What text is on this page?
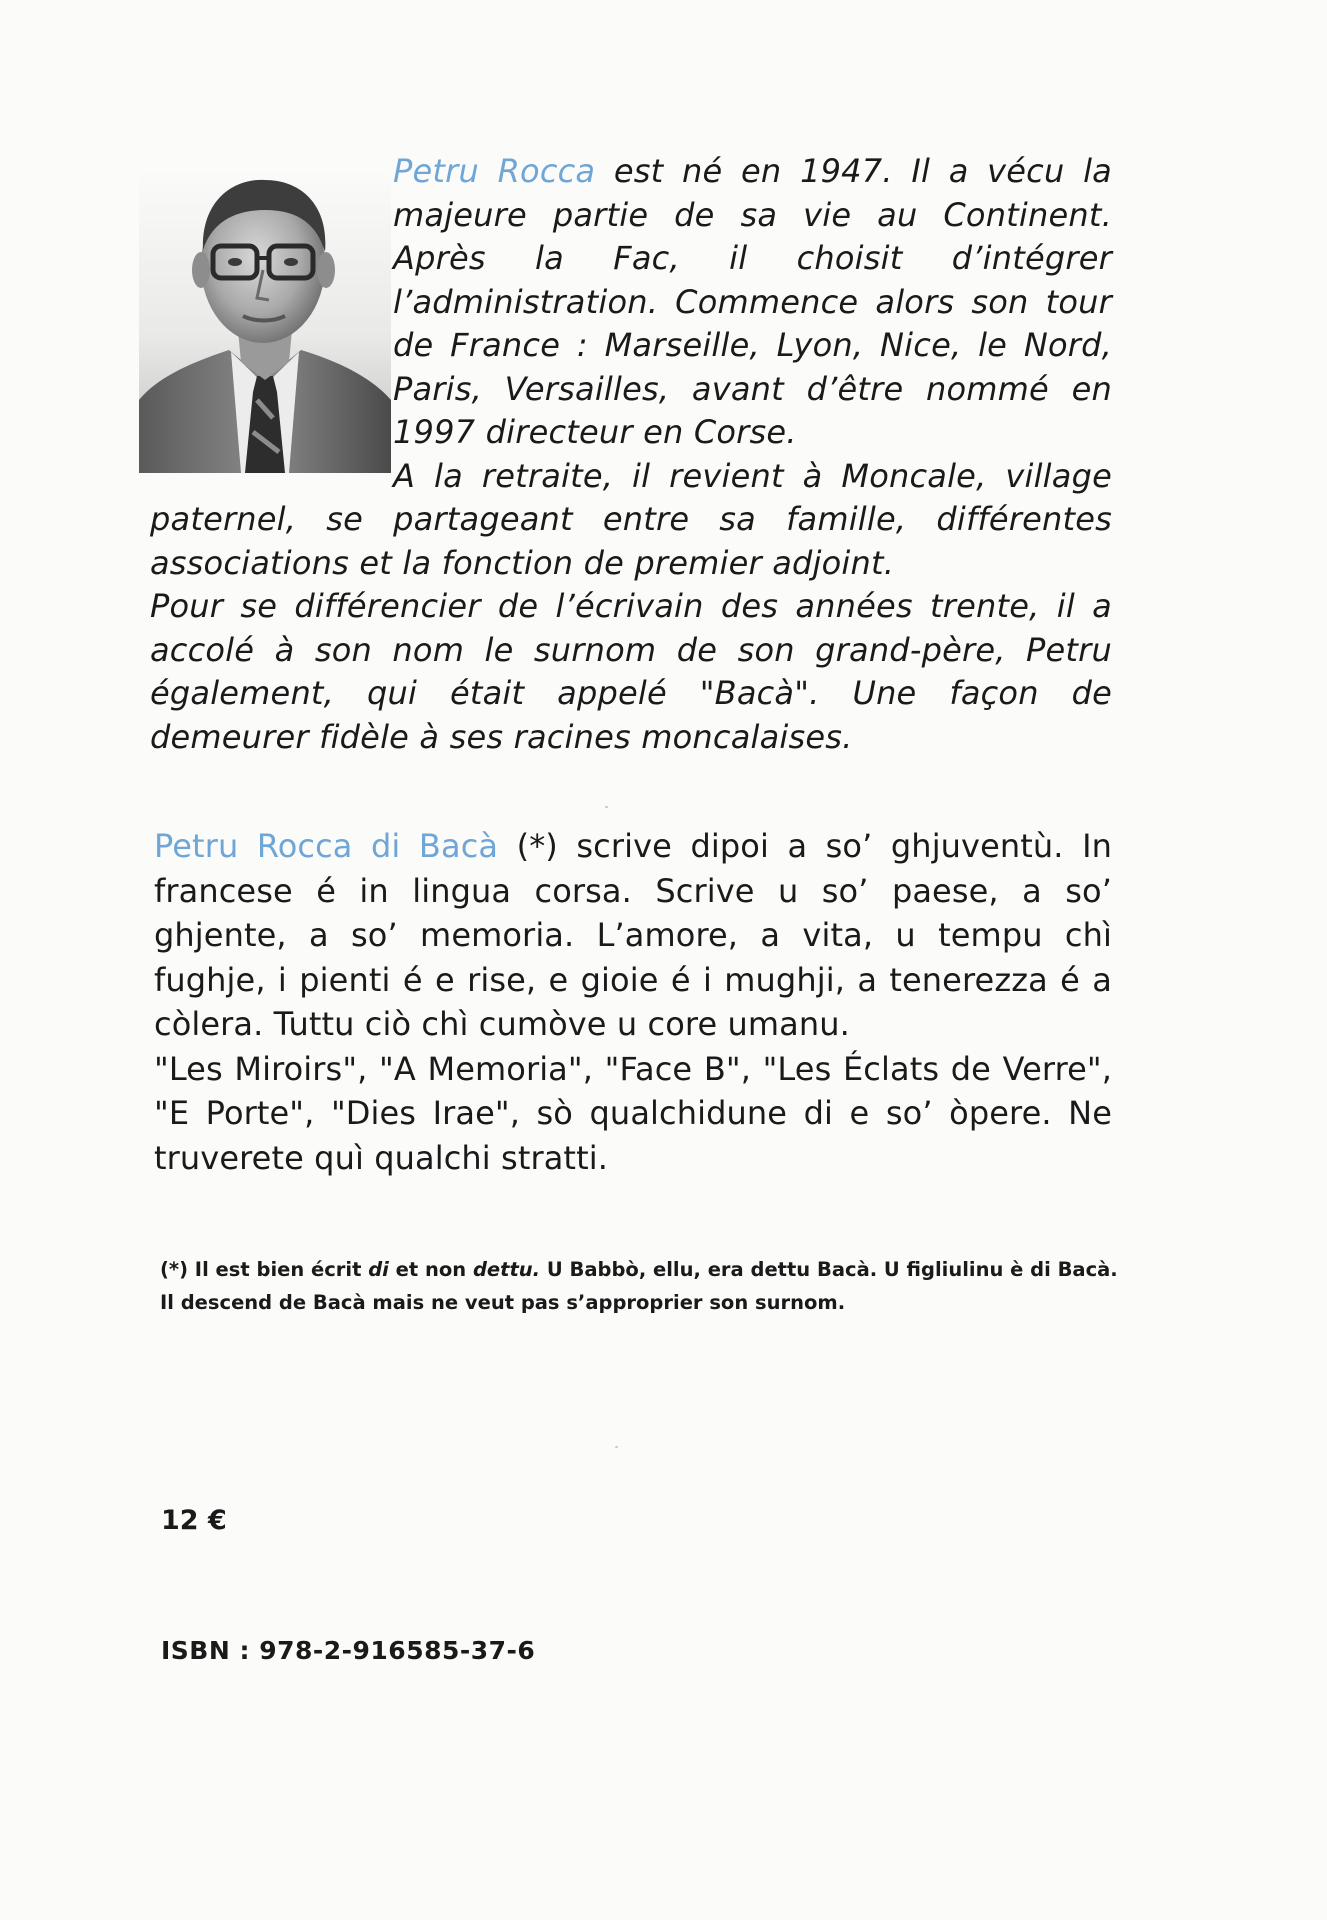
Petru Rocca est né en 1947. Il a vécu la majeure partie de sa vie au Continent. Après la Fac, il choisit d’intégrer l’administration. Commence alors son tour de France : Marseille, Lyon, Nice, le Nord, Paris, Versailles, avant d’être nommé en 1997 directeur en Corse.

A la retraite, il revient à Moncale, village paternel, se partageant entre sa famille, différentes associations et la fonction de premier adjoint.

Pour se différencier de l’écrivain des années trente, il a accolé à son nom le surnom de son grand-père, Petru également, qui était appelé "Bacà". Une façon de demeurer fidèle à ses racines moncalaises.

Petru Rocca di Bacà (*) scrive dipoi a so’ ghjuventù. In francese é in lingua corsa. Scrive u so’ paese, a so’ ghjente, a so’ memoria. L’amore, a vita, u tempu chì fughje, i pienti é e rise, e gioie é i mughji, a tenerezza é a còlera. Tuttu ciò chì cumòve u core umanu.

"Les Miroirs", "A Memoria", "Face B", "Les Éclats de Verre", "E Porte", "Dies Irae", sò qualchidune di e so’ òpere. Ne truverete quì qualchi stratti.

(*) Il est bien écrit di et non dettu. U Babbò, ellu, era dettu Bacà. U figliulinu è di Bacà. Il descend de Bacà mais ne veut pas s’approprier son surnom.

12 €
ISBN : 978-2-916585-37-6
